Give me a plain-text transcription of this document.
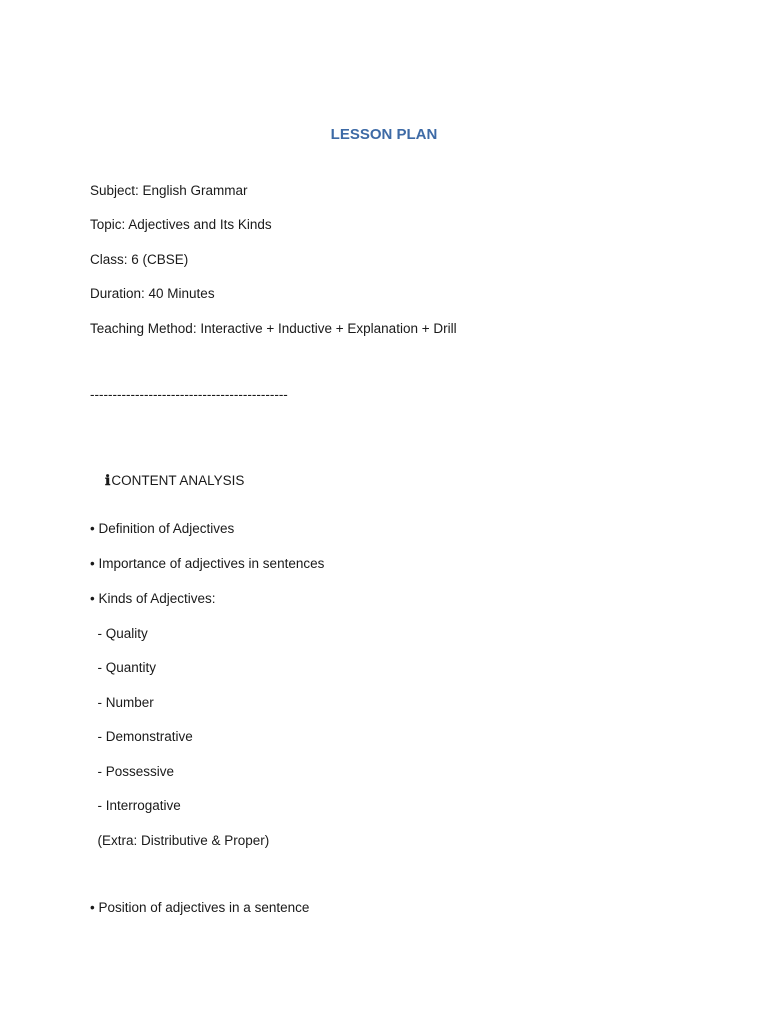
LESSON PLAN
Subject: English Grammar
Topic: Adjectives and Its Kinds
Class: 6 (CBSE)
Duration: 40 Minutes
Teaching Method: Interactive + Inductive + Explanation + Drill
--------------------------------------------

ℹCONTENT ANALYSIS

• Definition of Adjectives
• Importance of adjectives in sentences
• Kinds of Adjectives:
- Quality
- Quantity
- Number
- Demonstrative
- Possessive
- Interrogative
(Extra: Distributive & Proper)
• Position of adjectives in a sentence
